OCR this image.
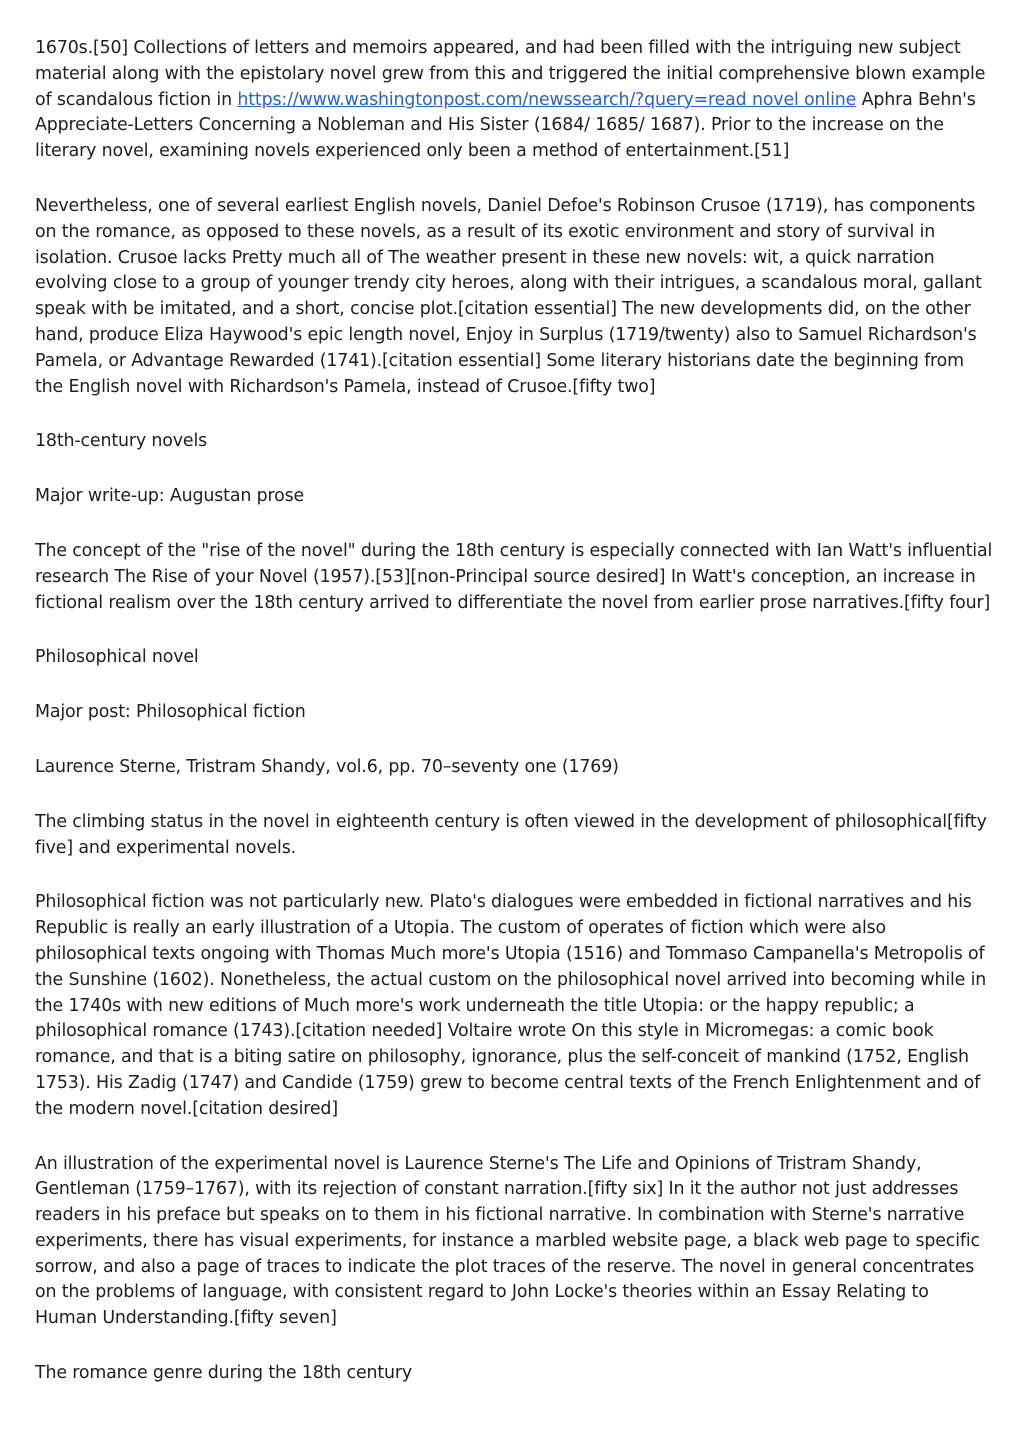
1670s.[50] Collections of letters and memoirs appeared, and had been filled with the intriguing new subject material along with the epistolary novel grew from this and triggered the initial comprehensive blown example of scandalous fiction in https://www.washingtonpost.com/newssearch/?query=read novel online Aphra Behn's Appreciate-Letters Concerning a Nobleman and His Sister (1684/ 1685/ 1687). Prior to the increase on the literary novel, examining novels experienced only been a method of entertainment.[51]

Nevertheless, one of several earliest English novels, Daniel Defoe's Robinson Crusoe (1719), has components on the romance, as opposed to these novels, as a result of its exotic environment and story of survival in isolation. Crusoe lacks Pretty much all of The weather present in these new novels: wit, a quick narration evolving close to a group of younger trendy city heroes, along with their intrigues, a scandalous moral, gallant speak with be imitated, and a short, concise plot.[citation essential] The new developments did, on the other hand, produce Eliza Haywood's epic length novel, Enjoy in Surplus (1719/twenty) also to Samuel Richardson's Pamela, or Advantage Rewarded (1741).[citation essential] Some literary historians date the beginning from the English novel with Richardson's Pamela, instead of Crusoe.[fifty two]

18th-century novels

Major write-up: Augustan prose

The concept of the "rise of the novel" during the 18th century is especially connected with Ian Watt's influential research The Rise of your Novel (1957).[53][non-Principal source desired] In Watt's conception, an increase in fictional realism over the 18th century arrived to differentiate the novel from earlier prose narratives.[fifty four]

Philosophical novel

Major post: Philosophical fiction

Laurence Sterne, Tristram Shandy, vol.6, pp. 70–seventy one (1769)

The climbing status in the novel in eighteenth century is often viewed in the development of philosophical[fifty five] and experimental novels.

Philosophical fiction was not particularly new. Plato's dialogues were embedded in fictional narratives and his Republic is really an early illustration of a Utopia. The custom of operates of fiction which were also philosophical texts ongoing with Thomas Much more's Utopia (1516) and Tommaso Campanella's Metropolis of the Sunshine (1602). Nonetheless, the actual custom on the philosophical novel arrived into becoming while in the 1740s with new editions of Much more's work underneath the title Utopia: or the happy republic; a philosophical romance (1743).[citation needed] Voltaire wrote On this style in Micromegas: a comic book romance, and that is a biting satire on philosophy, ignorance, plus the self-conceit of mankind (1752, English 1753). His Zadig (1747) and Candide (1759) grew to become central texts of the French Enlightenment and of the modern novel.[citation desired]

An illustration of the experimental novel is Laurence Sterne's The Life and Opinions of Tristram Shandy, Gentleman (1759–1767), with its rejection of constant narration.[fifty six] In it the author not just addresses readers in his preface but speaks on to them in his fictional narrative. In combination with Sterne's narrative experiments, there has visual experiments, for instance a marbled website page, a black web page to specific sorrow, and also a page of traces to indicate the plot traces of the reserve. The novel in general concentrates on the problems of language, with consistent regard to John Locke's theories within an Essay Relating to Human Understanding.[fifty seven]

The romance genre during the 18th century
